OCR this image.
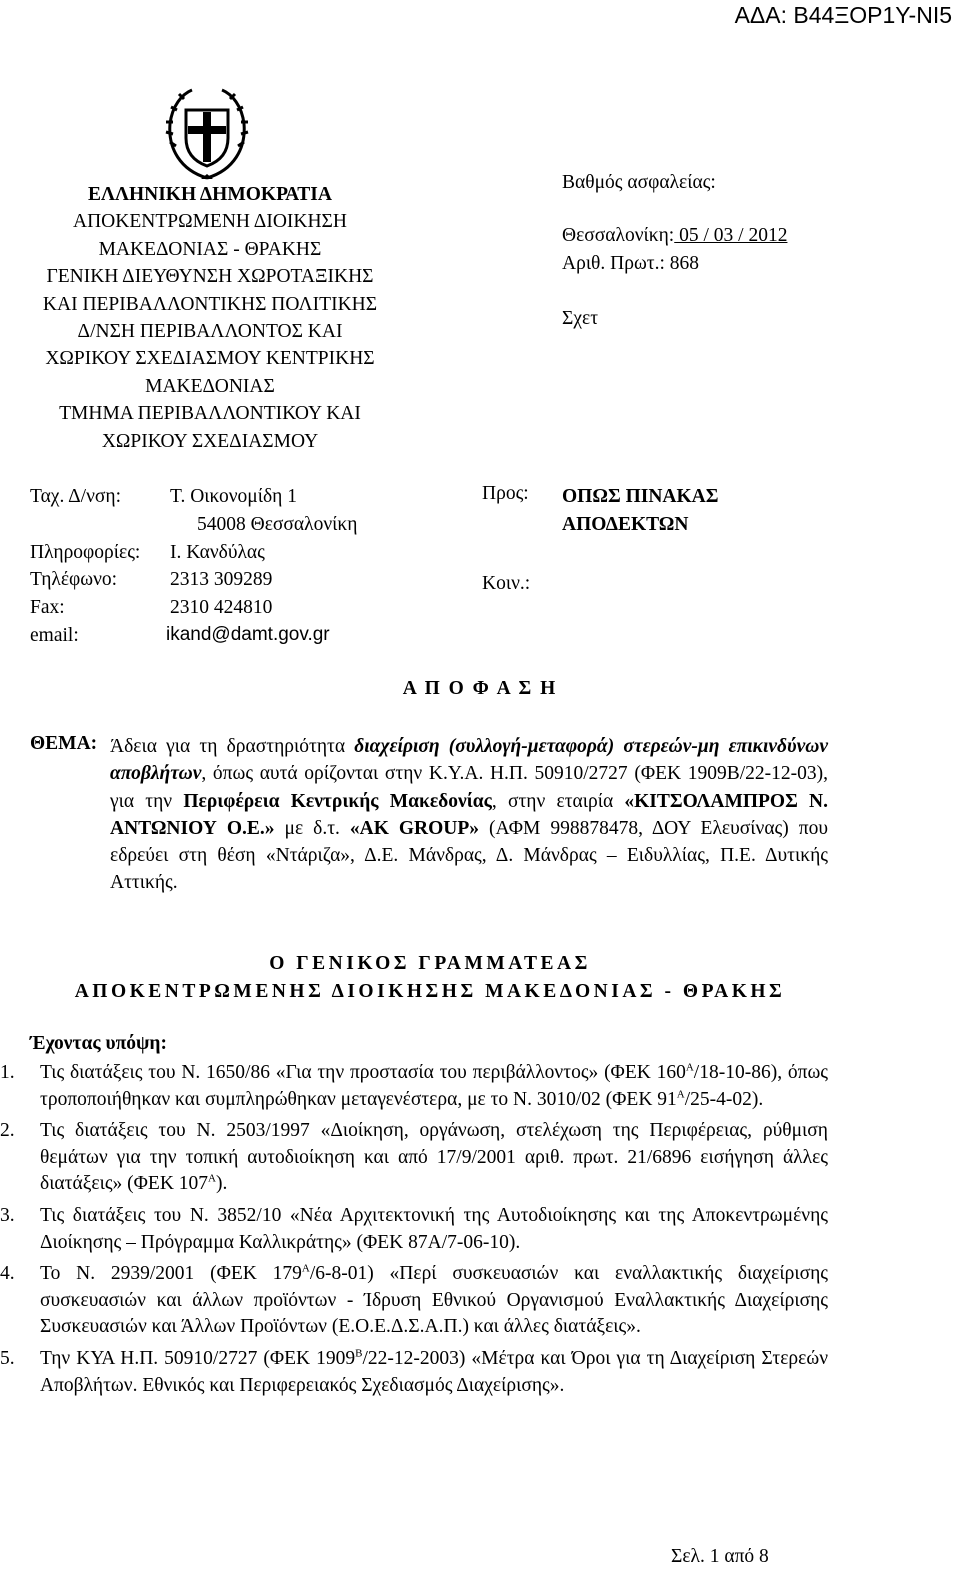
ΑΔΑ: Β44ΞΟΡ1Υ-ΝΙ5
ΕΛΛΗΝΙΚΗ ΔΗΜΟΚΡΑΤΙΑ
ΑΠΟΚΕΝΤΡΩΜΕΝΗ ΔΙΟΙΚΗΣΗ
ΜΑΚΕΔΟΝΙΑΣ - ΘΡΑΚΗΣ
ΓΕΝΙΚΗ ΔΙΕΥΘΥΝΣΗ ΧΩΡΟΤΑΞΙΚΗΣ
ΚΑΙ ΠΕΡΙΒΑΛΛΟΝΤΙΚΗΣ ΠΟΛΙΤΙΚΗΣ
Δ/ΝΣΗ ΠΕΡΙΒΑΛΛΟΝΤΟΣ ΚΑΙ
ΧΩΡΙΚΟΥ ΣΧΕΔΙΑΣΜΟΥ ΚΕΝΤΡΙΚΗΣ
ΜΑΚΕΔΟΝΙΑΣ
ΤΜΗΜΑ ΠΕΡΙΒΑΛΛΟΝΤΙΚΟΥ ΚΑΙ
ΧΩΡΙΚΟΥ ΣΧΕΔΙΑΣΜΟΥ
Βαθμός ασφαλείας:
Θεσσαλονίκη: 05 / 03 / 2012
Αριθ. Πρωτ.: 868
Σχετ
Ταχ. Δ/νση:	Τ. Οικονομίδη 1
54008 Θεσσαλονίκη
Πληροφορίες: Ι. Κανδύλας
Τηλέφωνο:	2313 309289
Fax:	2310 424810
email:	ikand@damt.gov.gr
Προς: ΟΠΩΣ ΠΙΝΑΚΑΣ
ΑΠΟΔΕΚΤΩΝ
Κοιν.:
Α Π Ο Φ Α Σ Η
ΘΕΜΑ: Άδεια για τη δραστηριότητα διαχείριση (συλλογή-μεταφορά) στερεών-μη επικινδύνων αποβλήτων, όπως αυτά ορίζονται στην Κ.Υ.Α. Η.Π. 50910/2727 (ΦΕΚ 1909Β/22-12-03), για την Περιφέρεια Κεντρικής Μακεδονίας, στην εταιρία «ΚΙΤΣΟΛΑΜΠΡΟΣ Ν. ΑΝΤΩΝΙΟΥ Ο.Ε.» με δ.τ. «AK GROUP» (ΑΦΜ 998878478, ΔΟΥ Ελευσίνας) που εδρεύει στη θέση «Ντάριζα», Δ.Ε. Μάνδρας, Δ. Μάνδρας – Ειδυλλίας, Π.Ε. Δυτικής Αττικής.
Ο ΓΕΝΙΚΟΣ ΓΡΑΜΜΑΤΕΑΣ
ΑΠΟΚΕΝΤΡΩΜΕΝΗΣ ΔΙΟΙΚΗΣΗΣ ΜΑΚΕΔΟΝΙΑΣ - ΘΡΑΚΗΣ
Έχοντας υπόψη:
1. Τις διατάξεις του Ν. 1650/86 «Για την προστασία του περιβάλλοντος» (ΦΕΚ $160^A/18-10-86$), όπως τροποποιήθηκαν και συμπληρώθηκαν μεταγενέστερα, με το Ν. 3010/02 (ΦΕΚ $91^A/25-4-02$).
2. Τις διατάξεις του Ν. 2503/1997 «Διοίκηση, οργάνωση, στελέχωση της Περιφέρειας, ρύθμιση θεμάτων για την τοπική αυτοδιοίκηση και από 17/9/2001 αριθ. πρωτ. 21/6896 εισήγηση άλλες διατάξεις» (ΦΕΚ $107^A$).
3. Τις διατάξεις του Ν. 3852/10 «Νέα Αρχιτεκτονική της Αυτοδιοίκησης και της Αποκεντρωμένης Διοίκησης – Πρόγραμμα Καλλικράτης» (ΦΕΚ 87Α/7-06-10).
4. Το Ν. 2939/2001 (ΦΕΚ $179^A/6-8-01$) «Περί συσκευασιών και εναλλακτικής διαχείρισης συσκευασιών και άλλων προϊόντων - Ίδρυση Εθνικού Οργανισμού Εναλλακτικής Διαχείρισης Συσκευασιών και Άλλων Προϊόντων (Ε.Ο.Ε.Δ.Σ.Α.Π.) και άλλες διατάξεις».
5. Την ΚΥΑ Η.Π. 50910/2727 (ΦΕΚ $1909^B/22-12-2003$) «Μέτρα και Όροι για τη Διαχείριση Στερεών Αποβλήτων. Εθνικός και Περιφερειακός Σχεδιασμός Διαχείρισης».
Σελ. 1 από 8
